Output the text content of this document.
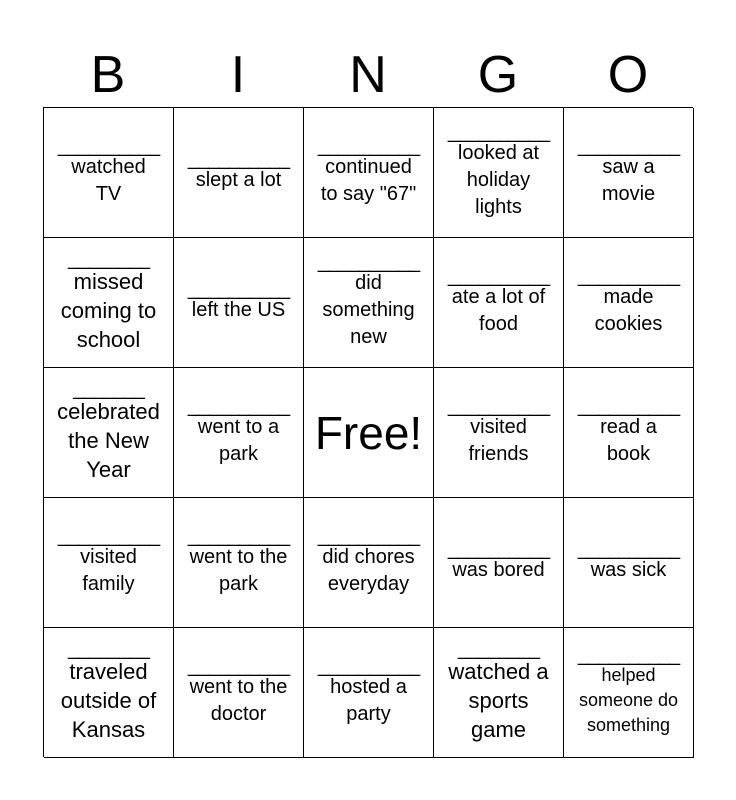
B	I	N	G	O
__________
watched
TV
__________
slept a lot
__________
continued
to say "67"
__________
looked at
holiday
lights
__________
saw a
movie
________
missed
coming to
school
__________
left the US
__________
did
something
new
__________
ate a lot of
food
__________
made
cookies
_______
celebrated
the New
Year
__________
went to a
park	Free!
__________
visited
friends
__________
read a
book
__________
visited
family
__________
went to the
park
__________
did chores
everyday
__________
was bored
__________
was sick
________
traveled
outside of
Kansas
__________
went to the
doctor
__________
hosted a
party
________
watched a
sports
game
__________
helped
someone do
something
